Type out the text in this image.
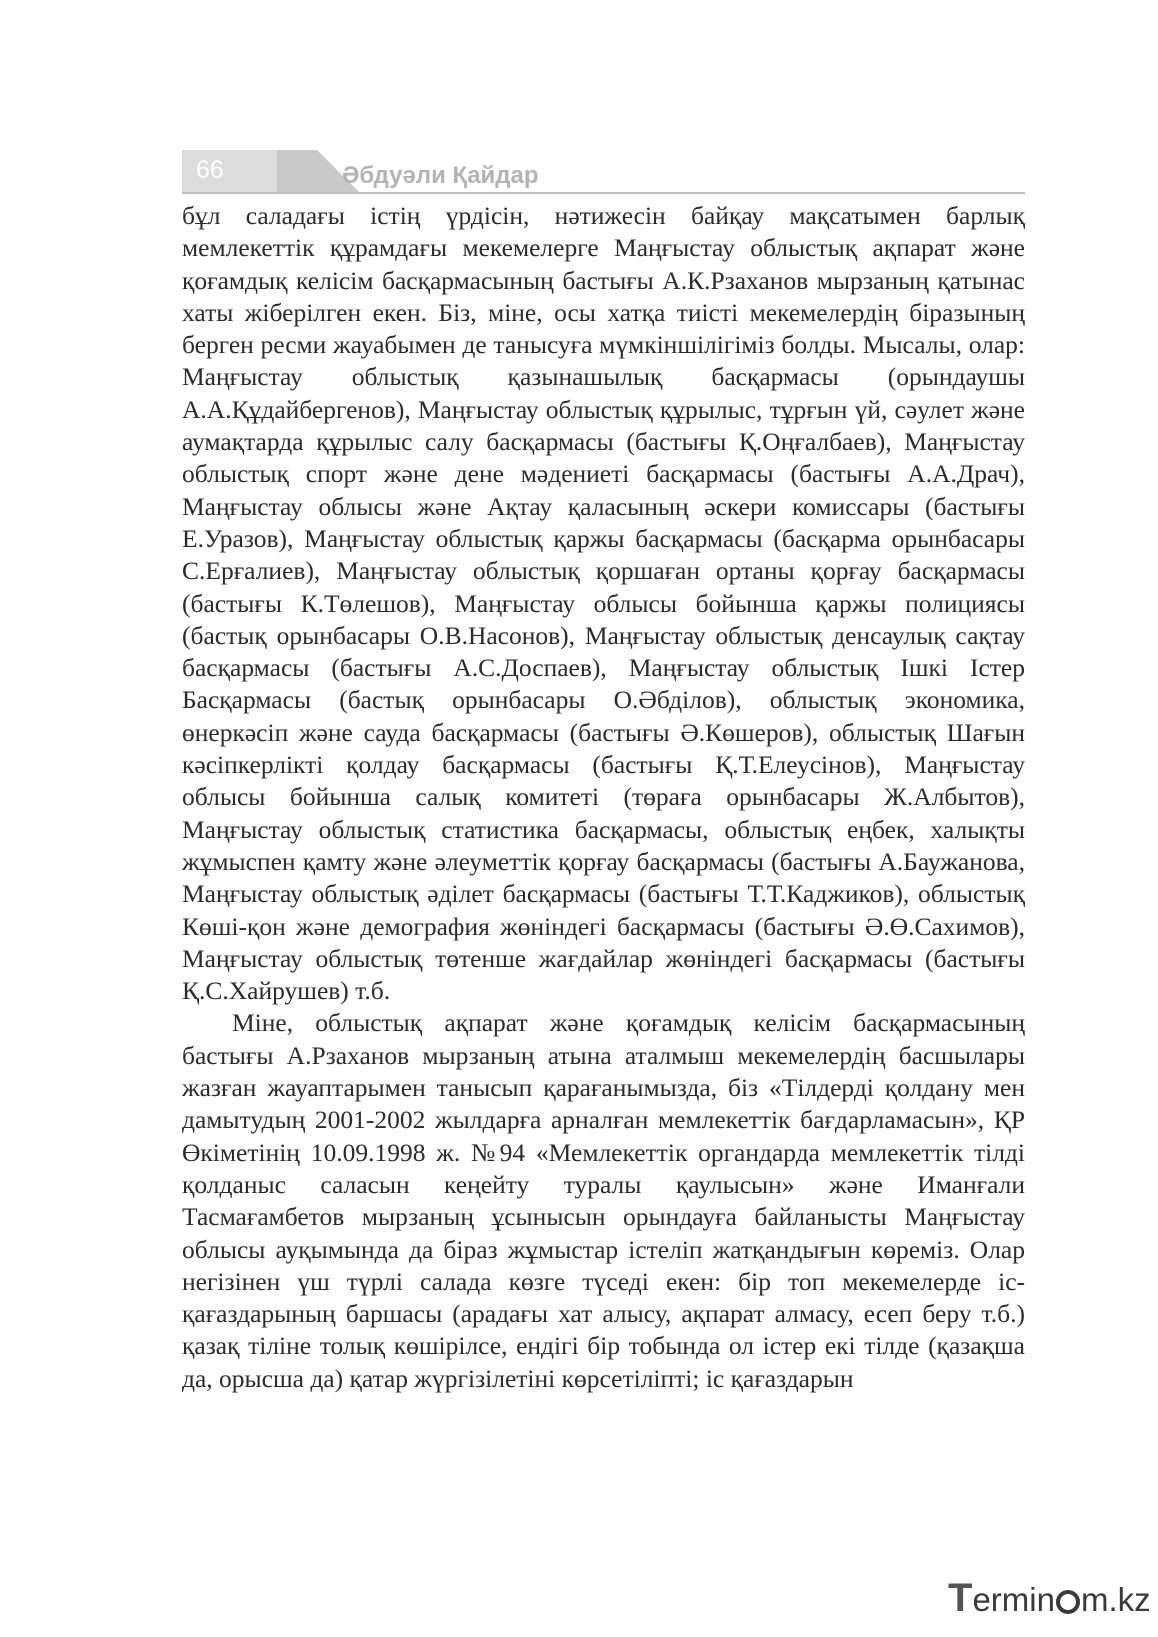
66	Әбдуәли Қайдар

бұл саладағы істің үрдісін, нәтижесін байқау мақсатымен барлық мемлекеттік құрамдағы мекемелерге Маңғыстау облыстық ақпарат және қоғамдық келісім басқармасының бастығы А.К.Рзаханов мырзаның қатынас хаты жіберілген екен. Біз, міне, осы хатқа тиісті мекемелердің біразының берген ресми жауабымен де танысуға мүмкіншілігіміз болды. Мысалы, олар: Маңғыстау облыстық қазынашылық басқармасы (орындаушы А.А.Құдайбергенов), Маңғыстау облыстық құрылыс, тұрғын үй, сәулет және аумақтарда құрылыс салу басқармасы (бастығы Қ.Оңғалбаев), Маңғыстау облыстық спорт және дене мәдениеті басқармасы (бастығы А.А.Драч), Маңғыстау облысы және Ақтау қаласының әскери комиссары (бастығы Е.Уразов), Маңғыстау облыстық қаржы басқармасы (басқарма орынбасары С.Ерғалиев), Маңғыстау облыстық қоршаған ортаны қорғау басқармасы (бастығы К.Төлешов), Маңғыстау облысы бойынша қаржы полициясы (бастық орынбасары О.В.Насонов), Маңғыстау облыстық денсаулық сақтау басқармасы (бастығы А.С.Доспаев), Маңғыстау облыстық Ішкі Істер Басқармасы (бастық орынбасары О.Әбділов), облыстық экономика, өнеркәсіп және сауда басқармасы (бастығы Ә.Көшеров), облыстық Шағын кәсіпкерлікті қолдау басқармасы (бастығы Қ.Т.Елеусінов), Маңғыстау облысы бойынша салық комитеті (төраға орынбасары Ж.Албытов), Маңғыстау облыстық статистика басқармасы, облыстық еңбек, халықты жұмыспен қамту және әлеуметтік қорғау басқармасы (бастығы А.Баужанова, Маңғыстау облыстық әділет басқармасы (бастығы Т.Т.Каджиков), облыстық Көші-қон және демография жөніндегі басқармасы (бастығы Ә.Ө.Сахимов), Маңғыстау облыстық төтенше жағдайлар жөніндегі басқармасы (бастығы Қ.С.Хайрушев) т.б.

Міне, облыстық ақпарат және қоғамдық келісім басқармасының бастығы А.Рзаханов мырзаның атына аталмыш мекемелердің басшылары жазған жауаптарымен танысып қарағанымызда, біз «Тілдерді қолдану мен дамытудың 2001-2002 жылдарға арналған мемлекеттік бағдарламасын», ҚР Өкіметінің 10.09.1998 ж. №94 «Мемлекеттік органдарда мемлекеттік тілді қолданыс саласын кеңейту туралы қаулысын» және Иманғали Тасмағамбетов мырзаның ұсынысын орындауға байланысты Маңғыстау облысы ауқымында да біраз жұмыстар істеліп жатқандығын көреміз. Олар негізінен үш түрлі салада көзге түседі екен: бір топ мекемелерде іс-қағаздарының баршасы (арадағы хат алысу, ақпарат алмасу, есеп беру т.б.) қазақ тіліне толық көшірілсе, ендігі бір тобында ол істер екі тілде (қазақша да, орысша да) қатар жүргізілетіні көрсетіліпті; іс қағаздарын

Termin m.kz
